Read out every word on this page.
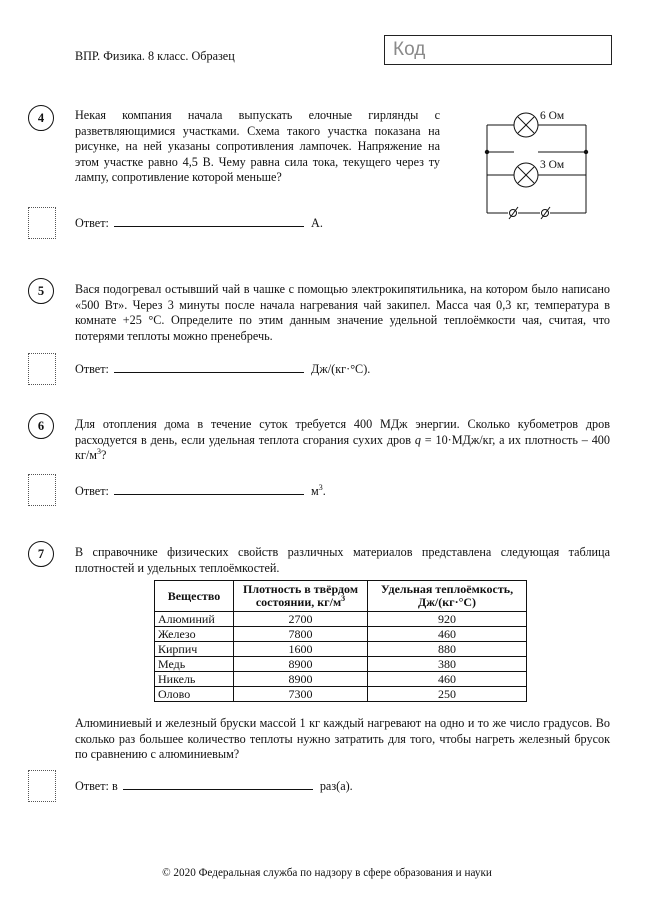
ВПР. Физика. 8 класс. Образец	Код
4	Некая компания начала выпускать елочные гирлянды с разветвляющимися участками. Схема такого участка показана на рисунке, на ней указаны сопротивления лампочек. Напряжение на этом участке равно 4,5 В. Чему равна сила тока, текущего через ту лампу, сопротивление которой меньше?
6 Ом
3 Ом
Ответ:	А.
5	Вася подогревал остывший чай в чашке с помощью электрокипятильника, на котором было написано «500 Вт». Через 3 минуты после начала нагревания чай закипел. Масса чая 0,3 кг, температура в комнате +25 °С. Определите по этим данным значение удельной теплоёмкости чая, считая, что потерями теплоты можно пренебречь.
Ответ:	Дж/(кг·°С).
6	Для отопления дома в течение суток требуется 400 МДж энергии. Сколько кубометров дров расходуется в день, если удельная теплота сгорания сухих дров q = 10·МДж/кг, а их плотность – 400 $кг/м^3$?
Ответ:	$м^3$.
7	В справочнике физических свойств различных материалов представлена следующая таблица плотностей и удельных теплоёмкостей.
Вещество	Плотность в твёрдом состоянии, $кг/м^3$	Удельная теплоёмкость, Дж/(кг·°С)
Алюминий	2700	920
Железо	7800	460
Кирпич	1600	880
Медь	8900	380
Никель	8900	460
Олово	7300	250
Алюминиевый и железный бруски массой 1 кг каждый нагревают на одно и то же число градусов. Во сколько раз большее количество теплоты нужно затратить для того, чтобы нагреть железный брусок по сравнению с алюминиевым?
Ответ: в	раз(а).
© 2020 Федеральная служба по надзору в сфере образования и науки
